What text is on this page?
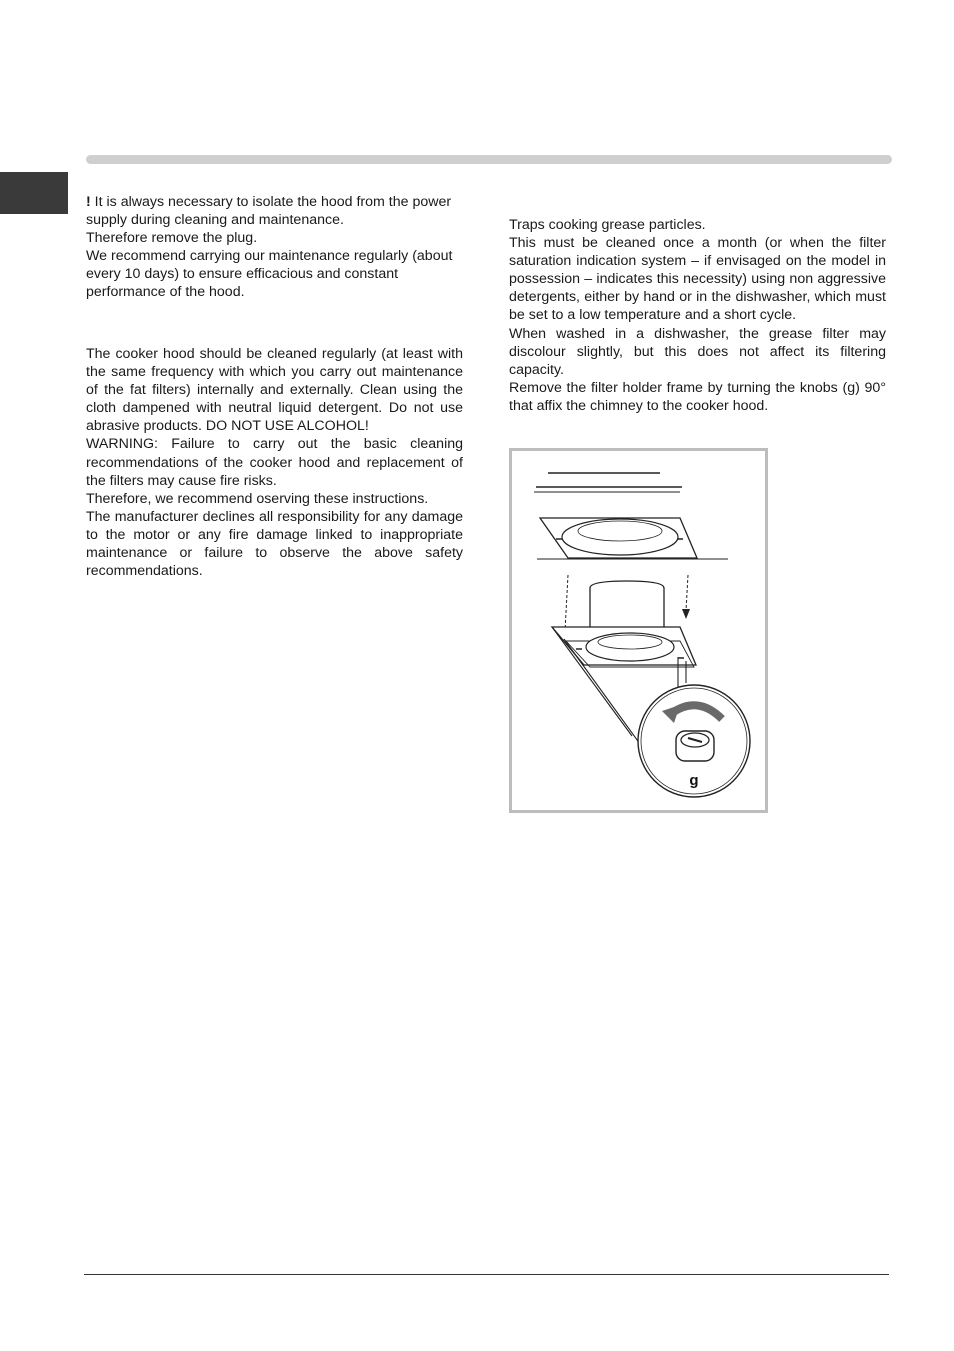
! It is always necessary to isolate the hood from the power supply during cleaning and maintenance.

Therefore remove the plug.

We recommend carrying our maintenance regularly (about every 10 days) to ensure efficacious and constant performance of the hood.

The cooker hood should be cleaned regularly (at least with the same frequency with which you carry out maintenance of the fat filters) internally and externally. Clean using the cloth dampened with neutral liquid detergent. Do not use abrasive products. DO NOT USE ALCOHOL!

WARNING: Failure to carry out the basic cleaning recommendations of the cooker hood and replacement of the filters may cause fire risks.

Therefore, we recommend oserving these instructions.

The manufacturer declines all responsibility for any damage to the motor or any fire damage linked to inappropriate maintenance or failure to observe the above safety recommendations.

Traps cooking grease particles.

This must be cleaned once a month (or when the filter saturation indication system – if envisaged on the model in possession – indicates this necessity) using non aggressive detergents, either by hand or in the dishwasher, which must be set to a low temperature and a short cycle.

When washed in a dishwasher, the grease filter may discolour slightly, but this does not affect its filtering capacity.

Remove the filter holder frame by turning the knobs (g) 90° that affix the chimney to the cooker hood.

g
